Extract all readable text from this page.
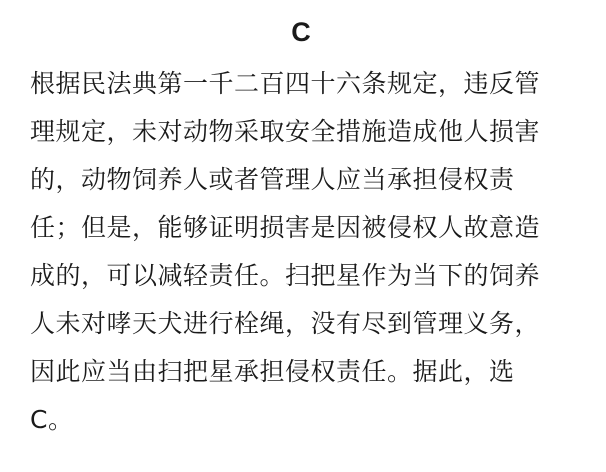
C
根据民法典第一千二百四十六条规定，违反管
理规定，未对动物采取安全措施造成他人损害
的，动物饲养人或者管理人应当承担侵权责
任；但是，能够证明损害是因被侵权人故意造
成的，可以减轻责任。扫把星作为当下的饲养
人未对哮天犬进行栓绳，没有尽到管理义务，
因此应当由扫把星承担侵权责任。据此，选
C。
